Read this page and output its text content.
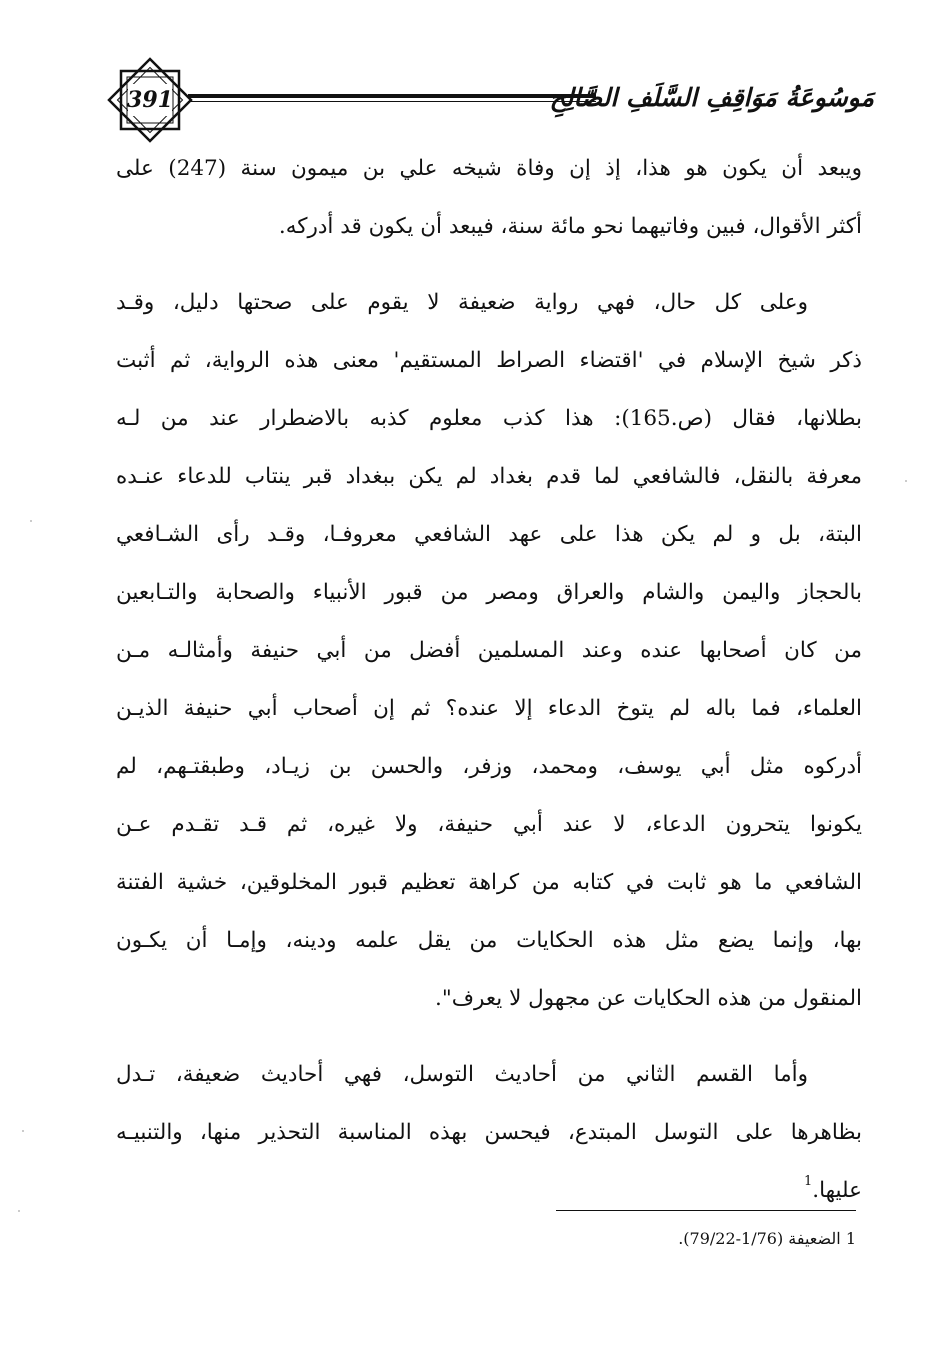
391	مَوسُوعَةُ مَوَاقِفِ السَّلَفِ الصَّالِحِ
ويبعد أن يكون هو هذا، إذ إن وفاة شيخه علي بن ميمون سنة (247) على
أكثر الأقوال، فبين وفاتيهما نحو مائة سنة، فيبعد أن يكون قد أدركه.
وعلى كل حال، فهي رواية ضعيفة لا يقوم على صحتها دليل، وقـد
ذكر شيخ الإسلام في 'اقتضاء الصراط المستقيم' معنى هذه الرواية، ثم أثبت
بطلانها، فقال (ص.165): هذا كذب معلوم كذبه بالاضطرار عند من لـه
معرفة بالنقل، فالشافعي لما قدم بغداد لم يكن ببغداد قبر ينتاب للدعاء عنـده
البتة، بل و لم يكن هذا على عهد الشافعي معروفـا، وقـد رأى الشـافعي
بالحجاز واليمن والشام والعراق ومصر من قبور الأنبياء والصحابة والتـابعين
من كان أصحابها عنده وعند المسلمين أفضل من أبي حنيفة وأمثالـه مـن
العلماء، فما باله لم يتوخ الدعاء إلا عنده؟ ثم إن أصحاب أبي حنيفة الذيـن
أدركوه مثل أبي يوسف، ومحمد، وزفر، والحسن بن زيـاد، وطبقتـهم، لم
يكونوا يتحرون الدعاء، لا عند أبي حنيفة، ولا غيره، ثم قـد تقـدم عـن
الشافعي ما هو ثابت في كتابه من كراهة تعظيم قبور المخلوقين، خشية الفتنة
بها، وإنما يضع مثل هذه الحكايات من يقل علمه ودينه، وإمـا أن يكـون
المنقول من هذه الحكايات عن مجهول لا يعرف".
وأما القسم الثاني من أحاديث التوسل، فهي أحاديث ضعيفة، تـدل
بظاهرها على التوسل المبتدع، فيحسن بهذه المناسبة التحذير منها، والتنبيـه
عليها.$^1$
1 الضعيفة (1/76-79/22).
